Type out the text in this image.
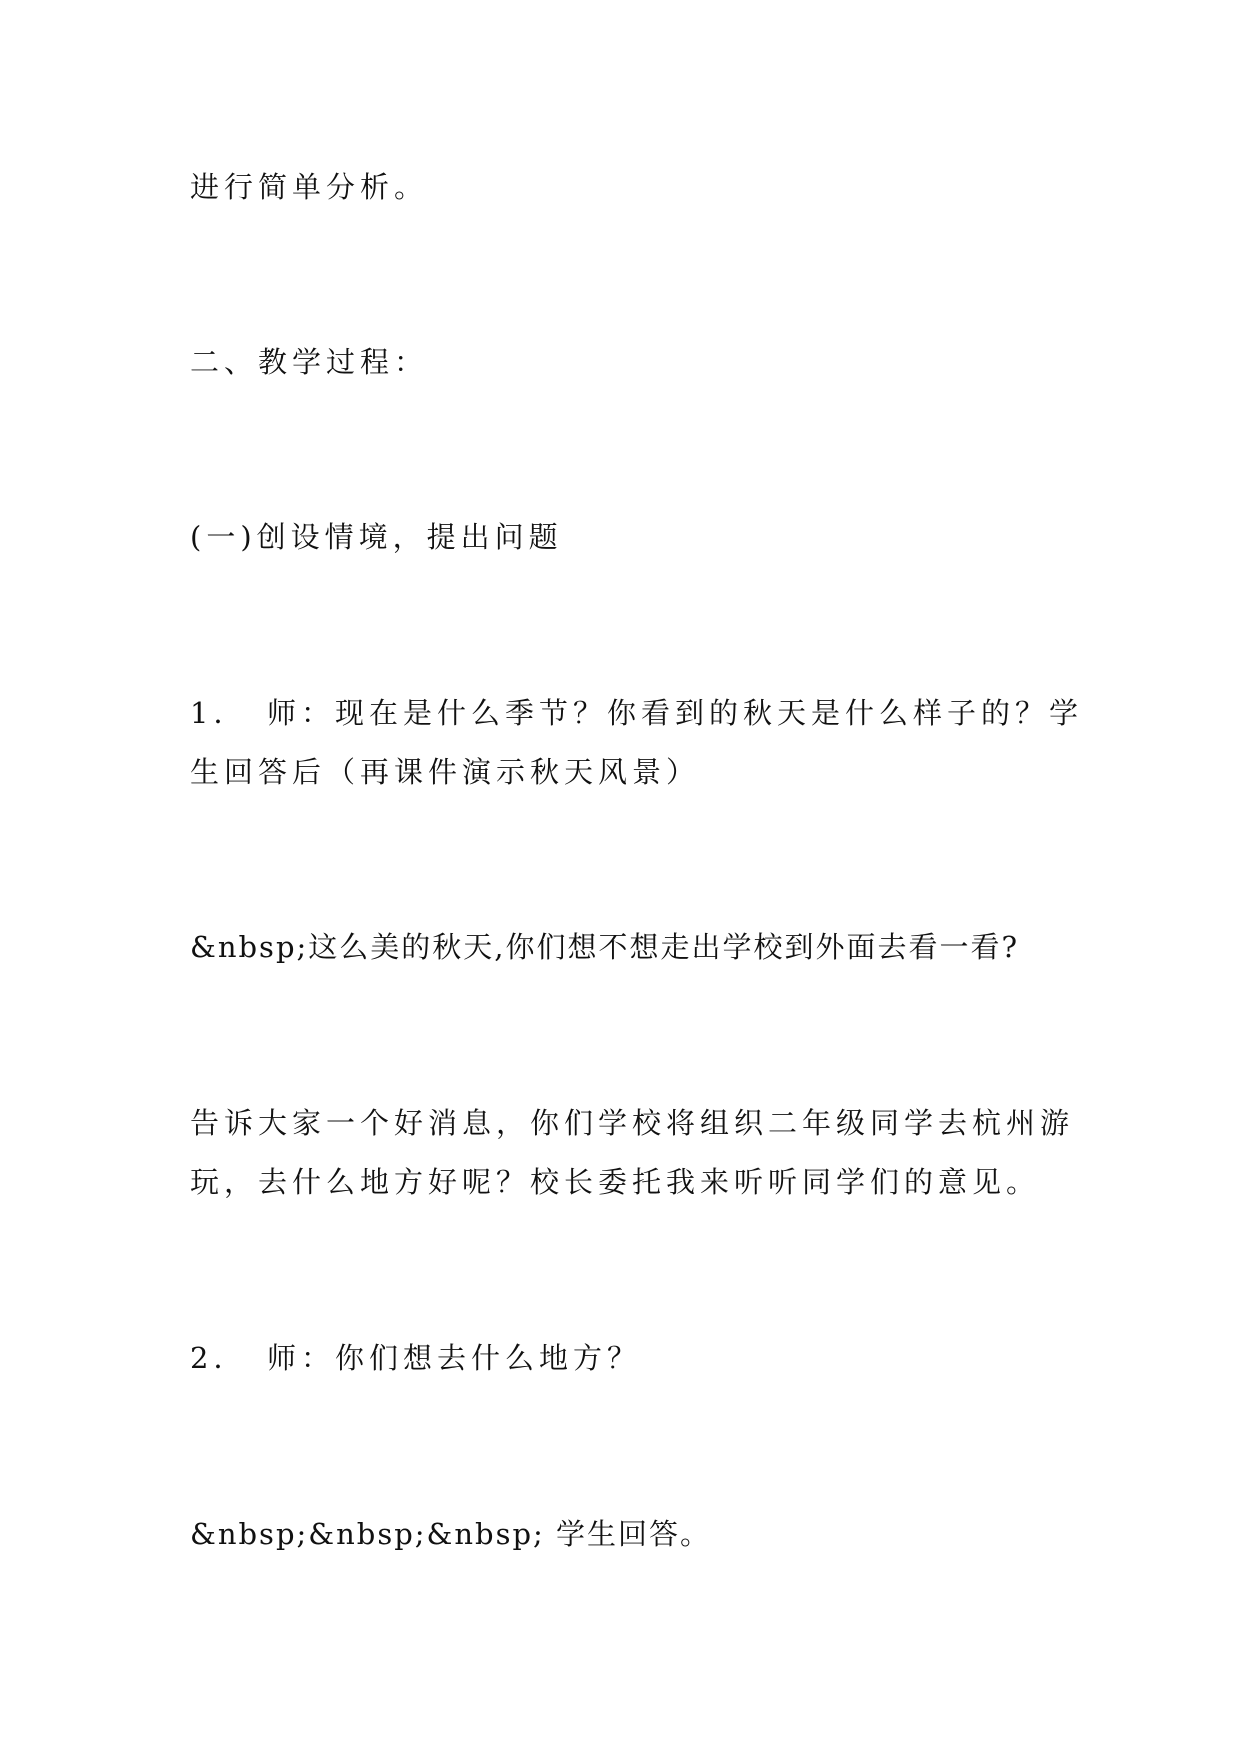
进行简单分析。
二、教学过程：
(一)创设情境，提出问题
1．　师：现在是什么季节？你看到的秋天是什么样子的？学
生回答后（再课件演示秋天风景）
&nbsp;这么美的秋天,你们想不想走出学校到外面去看一看?
告诉大家一个好消息，你们学校将组织二年级同学去杭州游
玩，去什么地方好呢？校长委托我来听听同学们的意见。
2．　师：你们想去什么地方？
&nbsp;&nbsp;&nbsp; 学生回答。
